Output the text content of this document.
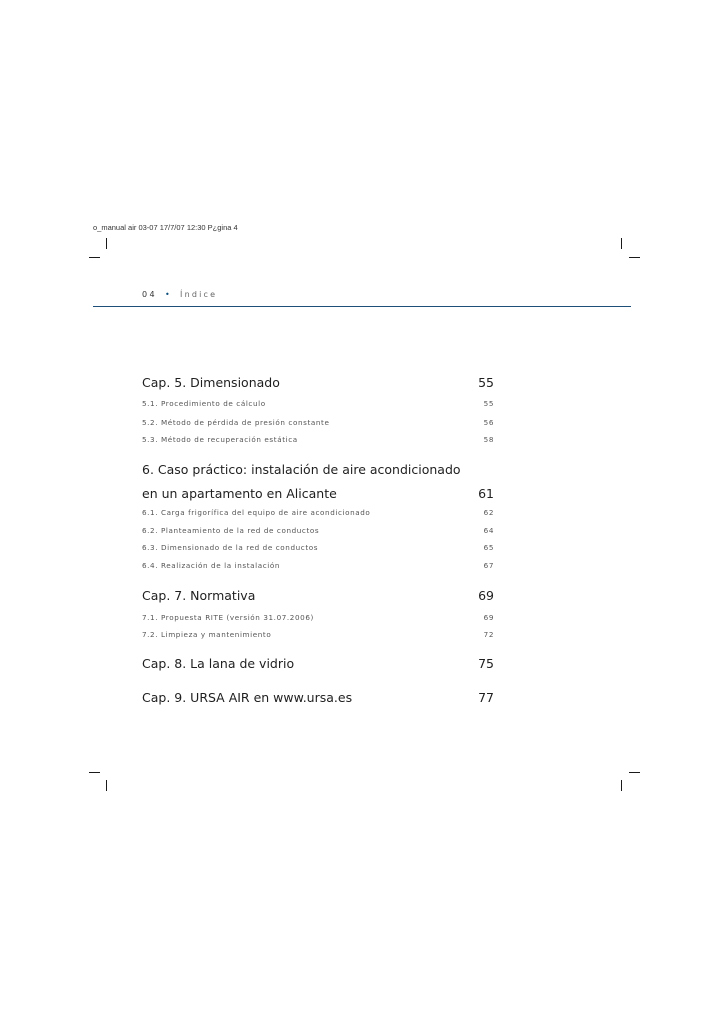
o_manual air 03-07 17/7/07 12:30 P¿gina 4
04 • Índice
Cap. 5. Dimensionado	55
5.1. Procedimiento de cálculo	55
5.2. Método de pérdida de presión constante	56
5.3. Método de recuperación estática	58
6. Caso práctico: instalación de aire acondicionado
en un apartamento en Alicante	61
6.1. Carga frigorífica del equipo de aire acondicionado	62
6.2. Planteamiento de la red de conductos	64
6.3. Dimensionado de la red de conductos	65
6.4. Realización de la instalación	67
Cap. 7. Normativa	69
7.1. Propuesta RITE (versión 31.07.2006)	69
7.2. Limpieza y mantenimiento	72
Cap. 8. La lana de vidrio	75
Cap. 9. URSA AIR en www.ursa.es	77
